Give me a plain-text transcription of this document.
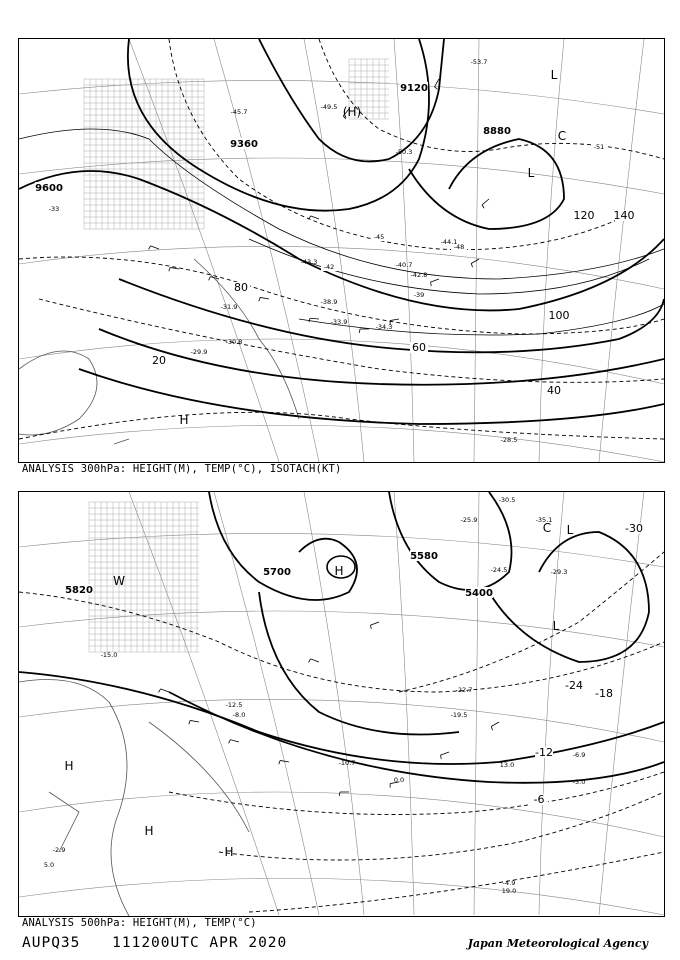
9600
9360
9120
8880
20
40
60
80
100
120 140
-33
-39
-42
-45
-48
-51
H
(H)
L
L
C
-53.7
-50.3
-49.5
-45.7
-44.1
-43.3
-42.8
-40.7
-38.9
-34.3
-33.9
-31.9
-30.8
-29.9
-28.5
ANALYSIS 300hPa: HEIGHT(M), TEMP(°C), ISOTACH(KT)
5820
5700
5580
5400
-6
-12
-18
-24
-30
H
H
H
H
L
L
C
W
-35.1
-30.5
-29.3
-25.9
-24.5
-22.7
-19.5
-15.0
-12.5
-10.7
-8.0
-6.9
-5.0
-4.9
-2.9
0.0
5.0
13.0
19.0
ANALYSIS 500hPa: HEIGHT(M), TEMP(°C)
AUPQ35 111200UTC APR 2020	Japan Meteorological Agency
